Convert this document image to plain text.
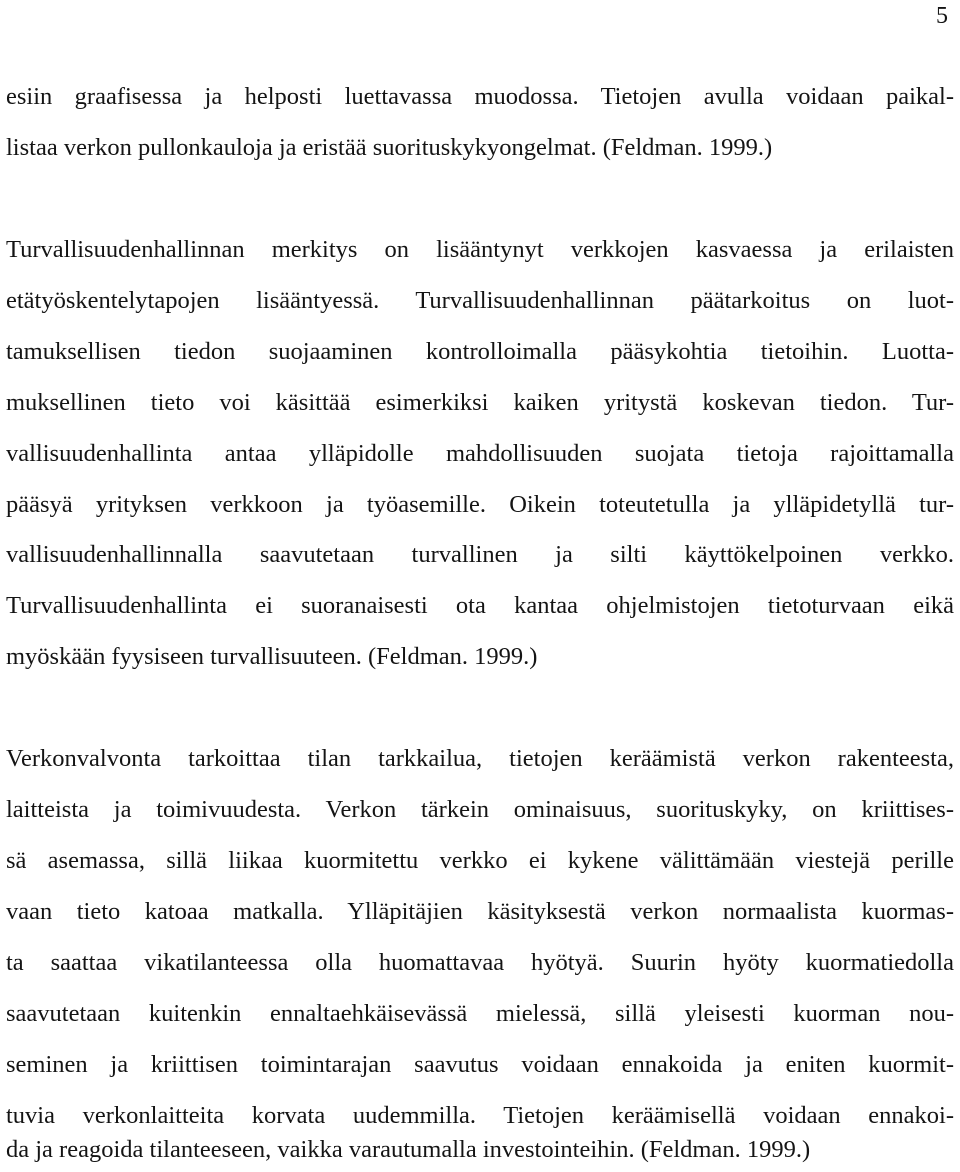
5
esiin graafisessa ja helposti luettavassa muodossa. Tietojen avulla voidaan paikal-
listaa verkon pullonkauloja ja eristää suorituskykyongelmat. (Feldman. 1999.)
Turvallisuudenhallinnan merkitys on lisääntynyt verkkojen kasvaessa ja erilaisten
etätyöskentelytapojen lisääntyessä. Turvallisuudenhallinnan päätarkoitus on luot-
tamuksellisen tiedon suojaaminen kontrolloimalla pääsykohtia tietoihin. Luotta-
muksellinen tieto voi käsittää esimerkiksi kaiken yritystä koskevan tiedon. Tur-
vallisuudenhallinta antaa ylläpidolle mahdollisuuden suojata tietoja rajoittamalla
pääsyä yrityksen verkkoon ja työasemille. Oikein toteutetulla ja ylläpidetyllä tur-
vallisuudenhallinnalla saavutetaan turvallinen ja silti käyttökelpoinen verkko.
Turvallisuudenhallinta ei suoranaisesti ota kantaa ohjelmistojen tietoturvaan eikä
myöskään fyysiseen turvallisuuteen. (Feldman. 1999.)
Verkonvalvonta tarkoittaa tilan tarkkailua, tietojen keräämistä verkon rakenteesta,
laitteista ja toimivuudesta. Verkon tärkein ominaisuus, suorituskyky, on kriittises-
sä asemassa, sillä liikaa kuormitettu verkko ei kykene välittämään viestejä perille
vaan tieto katoaa matkalla. Ylläpitäjien käsityksestä verkon normaalista kuormas-
ta saattaa vikatilanteessa olla huomattavaa hyötyä. Suurin hyöty kuormatiedolla
saavutetaan kuitenkin ennaltaehkäisevässä mielessä, sillä yleisesti kuorman nou-
seminen ja kriittisen toimintarajan saavutus voidaan ennakoida ja eniten kuormit-
tuvia verkonlaitteita korvata uudemmilla. Tietojen keräämisellä voidaan ennakoi-
da ja reagoida tilanteeseen, vaikka varautumalla investointeihin. (Feldman. 1999.)
